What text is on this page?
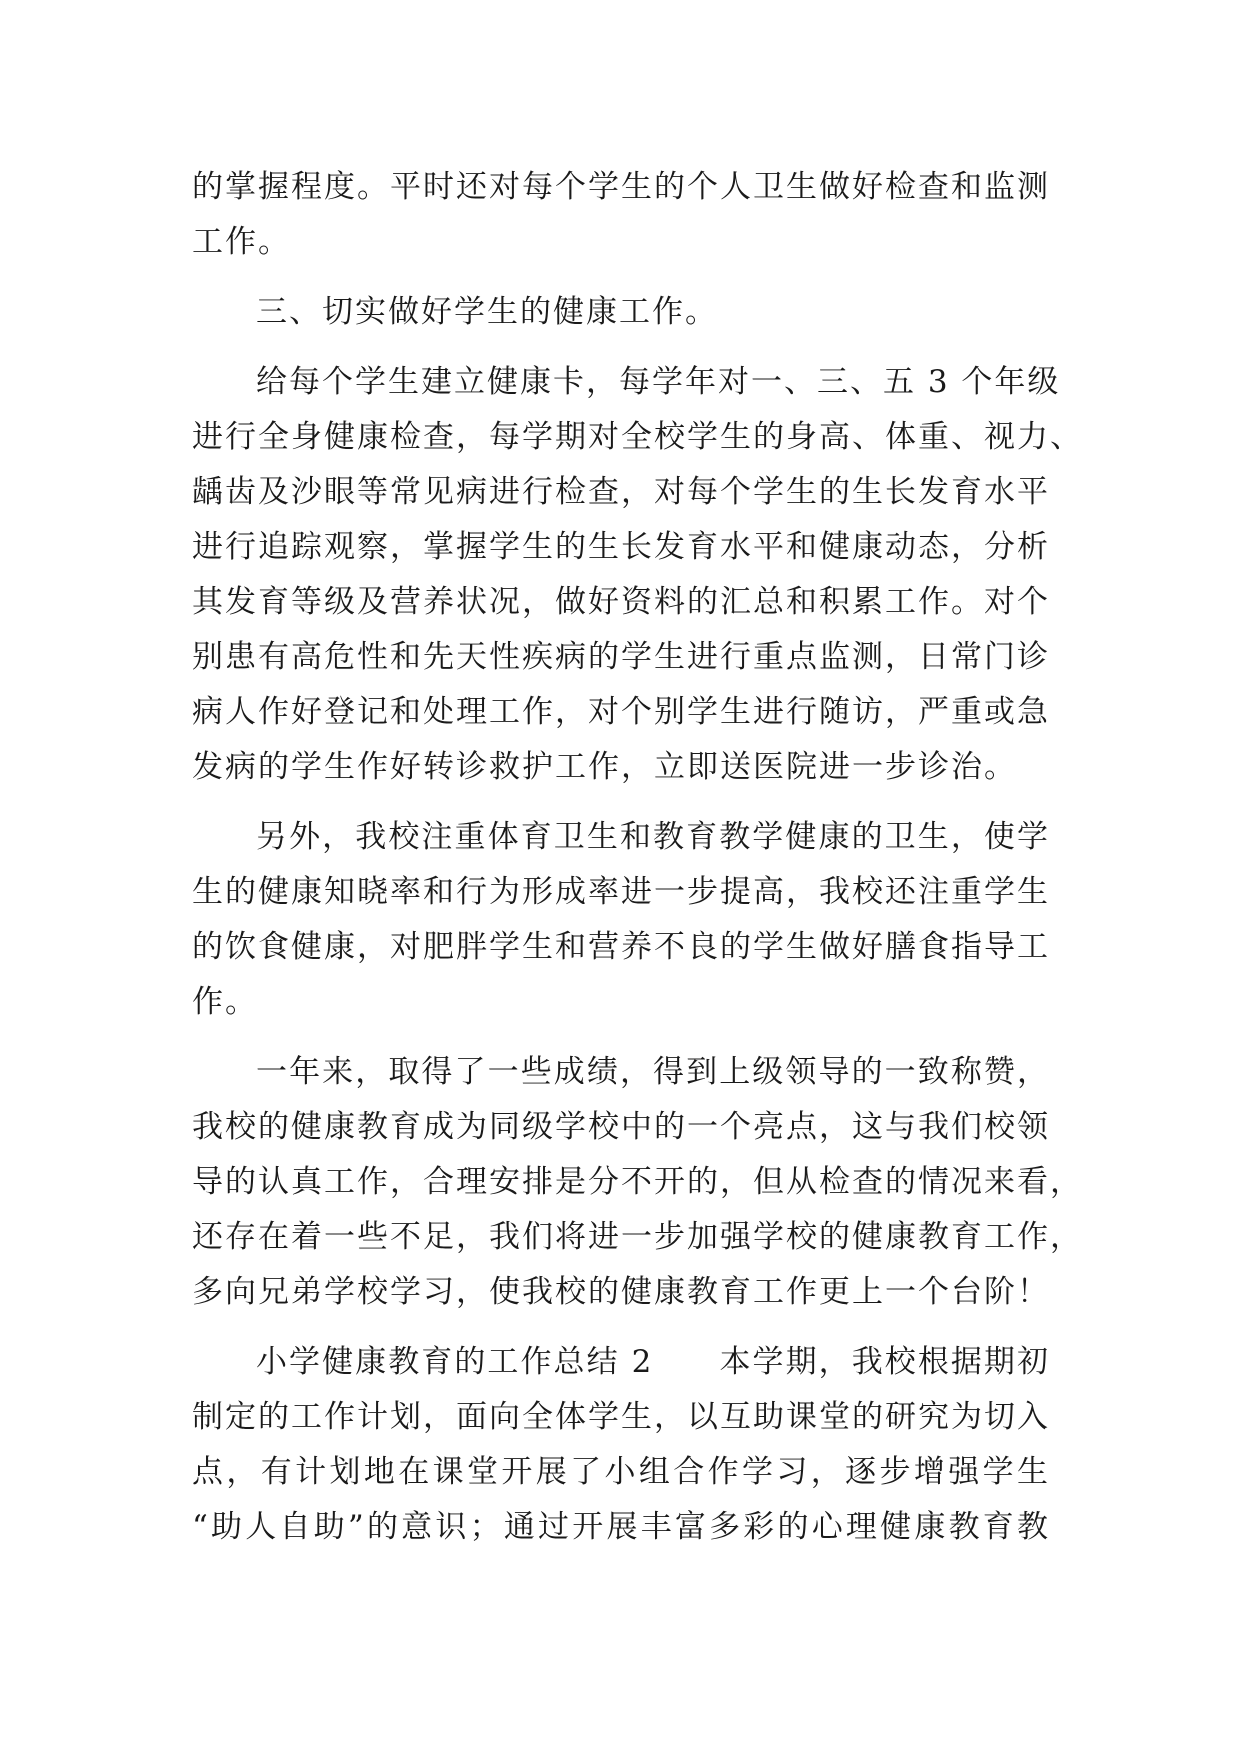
的掌握程度。平时还对每个学生的个人卫生做好检查和监测
工作。
三、切实做好学生的健康工作。
给每个学生建立健康卡，每学年对一、三、五 3 个年级
进行全身健康检查，每学期对全校学生的身高、体重、视力、
龋齿及沙眼等常见病进行检查，对每个学生的生长发育水平
进行追踪观察，掌握学生的生长发育水平和健康动态，分析
其发育等级及营养状况，做好资料的汇总和积累工作。对个
别患有高危性和先天性疾病的学生进行重点监测，日常门诊
病人作好登记和处理工作，对个别学生进行随访，严重或急
发病的学生作好转诊救护工作，立即送医院进一步诊治。
另外，我校注重体育卫生和教育教学健康的卫生，使学
生的健康知晓率和行为形成率进一步提高，我校还注重学生
的饮食健康，对肥胖学生和营养不良的学生做好膳食指导工
作。
一年来，取得了一些成绩，得到上级领导的一致称赞，
我校的健康教育成为同级学校中的一个亮点，这与我们校领
导的认真工作，合理安排是分不开的，但从检查的情况来看，
还存在着一些不足，我们将进一步加强学校的健康教育工作，
多向兄弟学校学习，使我校的健康教育工作更上一个台阶！
小学健康教育的工作总结 2　　本学期，我校根据期初
制定的工作计划，面向全体学生，以互助课堂的研究为切入
点，有计划地在课堂开展了小组合作学习，逐步增强学生
“助人自助”的意识；通过开展丰富多彩的心理健康教育教
